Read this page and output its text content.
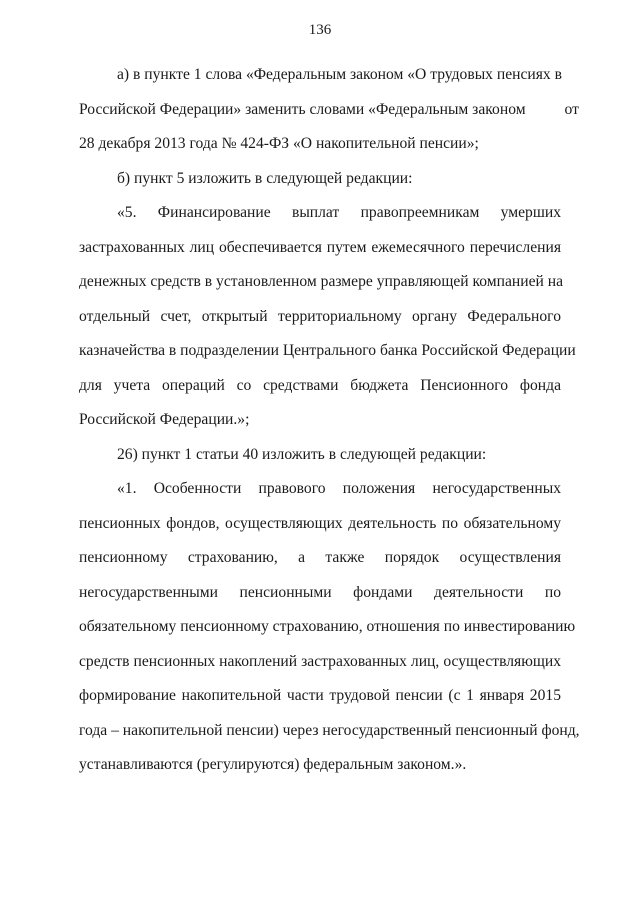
136

а) в пункте 1 слова «Федеральным законом «О трудовых пенсиях в
Российской Федерации» заменить словами «Федеральным законом          от
28 декабря 2013 года № 424-ФЗ «О накопительной пенсии»;

б) пункт 5 изложить в следующей редакции:

«5. Финансирование выплат правопреемникам умерших
застрахованных лиц обеспечивается путем ежемесячного перечисления
денежных средств в установленном размере управляющей компанией на
отдельный счет, открытый территориальному органу Федерального
казначейства в подразделении Центрального банка Российской Федерации
для учета операций со средствами бюджета Пенсионного фонда
Российской Федерации.»;

26) пункт 1 статьи 40 изложить в следующей редакции:

«1. Особенности правового положения негосударственных
пенсионных фондов, осуществляющих деятельность по обязательному
пенсионному страхованию, а также порядок осуществления
негосударственными пенсионными фондами деятельности по
обязательному пенсионному страхованию, отношения по инвестированию
средств пенсионных накоплений застрахованных лиц, осуществляющих
формирование накопительной части трудовой пенсии (с 1 января 2015
года – накопительной пенсии) через негосударственный пенсионный фонд,
устанавливаются (регулируются) федеральным законом.».
